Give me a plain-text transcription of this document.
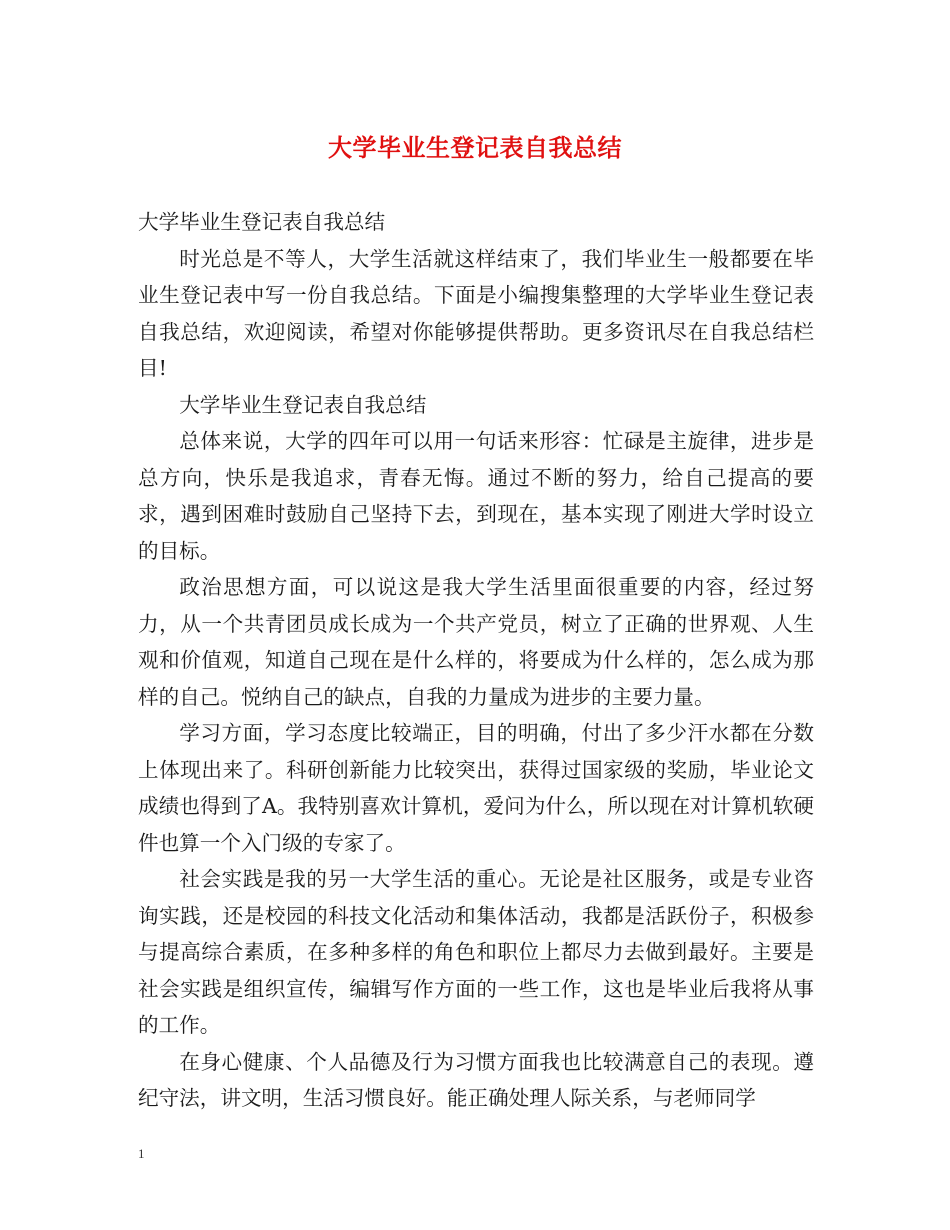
大学毕业生登记表自我总结

大学毕业生登记表自我总结

时光总是不等人，大学生活就这样结束了，我们毕业生一般都要在毕业生登记表中写一份自我总结。下面是小编搜集整理的大学毕业生登记表自我总结，欢迎阅读，希望对你能够提供帮助。更多资讯尽在自我总结栏目!

大学毕业生登记表自我总结

总体来说，大学的四年可以用一句话来形容：忙碌是主旋律，进步是总方向，快乐是我追求，青春无悔。通过不断的努力，给自己提高的要求，遇到困难时鼓励自己坚持下去，到现在，基本实现了刚进大学时设立的目标。

政治思想方面，可以说这是我大学生活里面很重要的内容，经过努力，从一个共青团员成长成为一个共产党员，树立了正确的世界观、人生观和价值观，知道自己现在是什么样的，将要成为什么样的，怎么成为那样的自己。悦纳自己的缺点，自我的力量成为进步的主要力量。

学习方面，学习态度比较端正，目的明确，付出了多少汗水都在分数上体现出来了。科研创新能力比较突出，获得过国家级的奖励，毕业论文成绩也得到了A。我特别喜欢计算机，爱问为什么，所以现在对计算机软硬件也算一个入门级的专家了。

社会实践是我的另一大学生活的重心。无论是社区服务，或是专业咨询实践，还是校园的科技文化活动和集体活动，我都是活跃份子，积极参与提高综合素质，在多种多样的角色和职位上都尽力去做到最好。主要是社会实践是组织宣传，编辑写作方面的一些工作，这也是毕业后我将从事的工作。

在身心健康、个人品德及行为习惯方面我也比较满意自己的表现。遵纪守法，讲文明，生活习惯良好。能正确处理人际关系，与老师同学

1
